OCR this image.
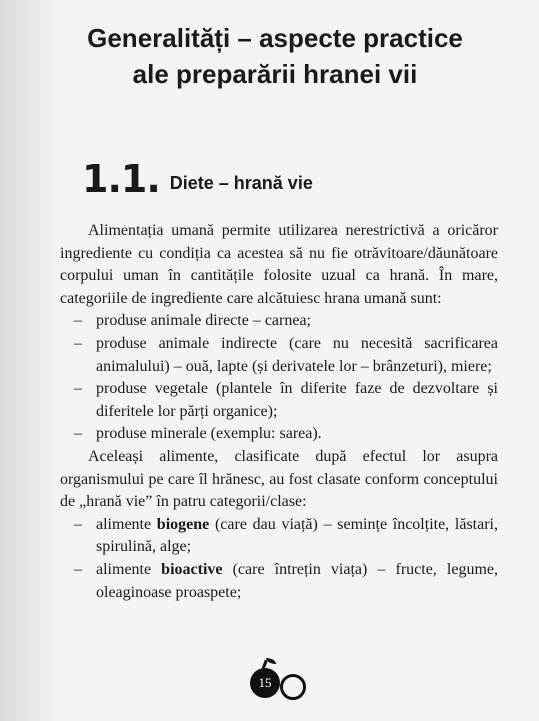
Generalități – aspecte practice
ale preparării hranei vii
1.1. Diete – hrană vie

Alimentația umană permite utilizarea nerestrictivă a oricăror ingrediente cu condiția ca acestea să nu fie otrăvitoare/dăunătoare corpului uman în cantitățile folosite uzual ca hrană. În mare, categoriile de ingrediente care alcătuiesc hrana umană sunt:

– produse animale directe – carnea;
– produse animale indirecte (care nu necesită sacrificarea animalului) – ouă, lapte (și derivatele lor – brânzeturi), miere;
– produse vegetale (plantele în diferite faze de dezvoltare și diferitele lor părți organice);
– produse minerale (exemplu: sarea).

Aceleași alimente, clasificate după efectul lor asupra organismului pe care îl hrănesc, au fost clasate conform conceptului de „hrană vie” în patru categorii/clase:

– alimente biogene (care dau viață) – semințe încolțite, lăstari, spirulină, alge;
– alimente bioactive (care întrețin viața) – fructe, legume, oleaginoase proaspete;
15
